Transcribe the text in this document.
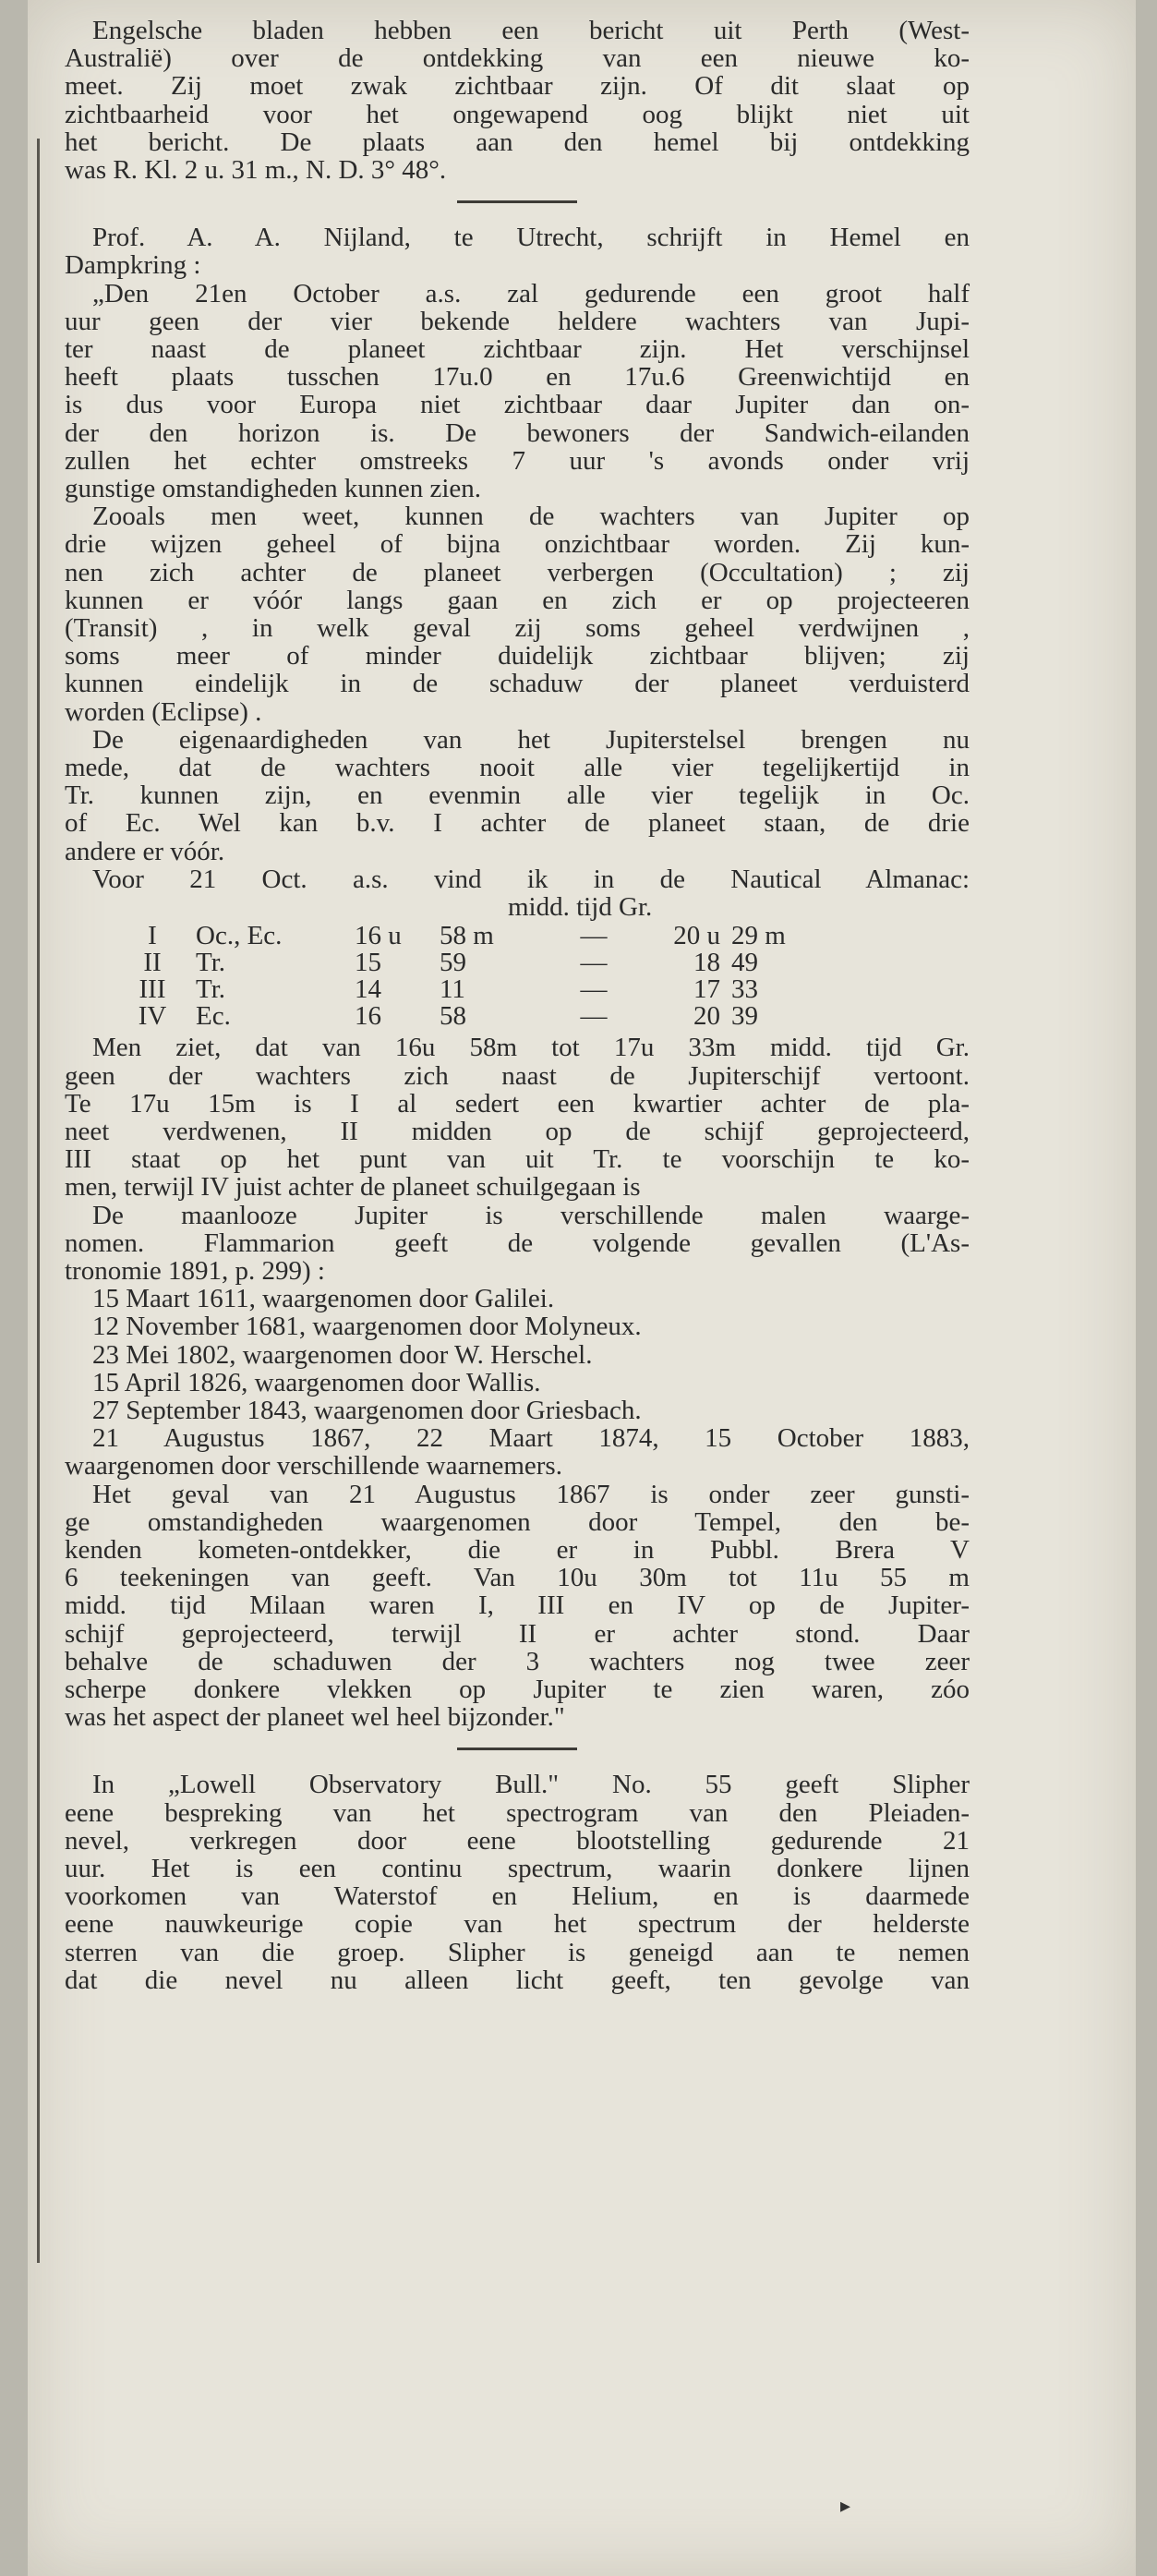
Engelsche bladen hebben een bericht uit Perth (West-
Australië) over de ontdekking van een nieuwe ko-
meet. Zij moet zwak zichtbaar zijn. Of dit slaat op
zichtbaarheid voor het ongewapend oog blijkt niet uit
het bericht. De plaats aan den hemel bij ontdekking
was R. Kl. 2 u. 31 m., N. D. 3° 48°.

Prof. A. A. Nijland, te Utrecht, schrijft in Hemel en
Dampkring :

„Den 21en October a.s. zal gedurende een groot half
uur geen der vier bekende heldere wachters van Jupi-
ter naast de planeet zichtbaar zijn. Het verschijnsel
heeft plaats tusschen 17u.0 en 17u.6 Greenwichtijd en
is dus voor Europa niet zichtbaar daar Jupiter dan on-
der den horizon is. De bewoners der Sandwich-eilanden
zullen het echter omstreeks 7 uur 's avonds onder vrij
gunstige omstandigheden kunnen zien.

Zooals men weet, kunnen de wachters van Jupiter op
drie wijzen geheel of bijna onzichtbaar worden. Zij kun-
nen zich achter de planeet verbergen (Occultation) ; zij
kunnen er vóór langs gaan en zich er op projecteeren
(Transit) , in welk geval zij soms geheel verdwijnen ,
soms meer of minder duidelijk zichtbaar blijven; zij
kunnen eindelijk in de schaduw der planeet verduisterd
worden (Eclipse) .

De eigenaardigheden van het Jupiterstelsel brengen nu
mede, dat de wachters nooit alle vier tegelijkertijd in
Tr. kunnen zijn, en evenmin alle vier tegelijk in Oc.
of Ec. Wel kan b.v. I achter de planeet staan, de drie
andere er vóór.

Voor 21 Oct. a.s. vind ik in de Nautical Almanac:
midd. tijd Gr.

I	Oc., Ec.	16 u	58 m	—	20 u	29 m
II	Tr.	15	59	—	18	49
III	Tr.	14	11	—	17	33
IV	Ec.	16	58	—	20	39

Men ziet, dat van 16u 58m tot 17u 33m midd. tijd Gr.
geen der wachters zich naast de Jupiterschijf vertoont.
Te 17u 15m is I al sedert een kwartier achter de pla-
neet verdwenen, II midden op de schijf geprojecteerd,
III staat op het punt van uit Tr. te voorschijn te ko-
men, terwijl IV juist achter de planeet schuilgegaan is

De maanlooze Jupiter is verschillende malen waarge-
nomen. Flammarion geeft de volgende gevallen (L'As-
tronomie 1891, p. 299) :

15 Maart 1611, waargenomen door Galilei.
12 November 1681, waargenomen door Molyneux.
23 Mei 1802, waargenomen door W. Herschel.
15 April 1826, waargenomen door Wallis.
27 September 1843, waargenomen door Griesbach.
21 Augustus 1867, 22 Maart 1874, 15 October 1883,
waargenomen door verschillende waarnemers.

Het geval van 21 Augustus 1867 is onder zeer gunsti-
ge omstandigheden waargenomen door Tempel, den be-
kenden kometen-ontdekker, die er in Pubbl. Brera V
6 teekeningen van geeft. Van 10u 30m tot 11u 55 m
midd. tijd Milaan waren I, III en IV op de Jupiter-
schijf geprojecteerd, terwijl II er achter stond. Daar
behalve de schaduwen der 3 wachters nog twee zeer
scherpe donkere vlekken op Jupiter te zien waren, zóo
was het aspect der planeet wel heel bijzonder."

In „Lowell Observatory Bull." No. 55 geeft Slipher
eene bespreking van het spectrogram van den Pleiaden-
nevel, verkregen door eene blootstelling gedurende 21
uur. Het is een continu spectrum, waarin donkere lijnen
voorkomen van Waterstof en Helium, en is daarmede
eene nauwkeurige copie van het spectrum der helderste
sterren van die groep. Slipher is geneigd aan te nemen
dat die nevel nu alleen licht geeft, ten gevolge van

▸
